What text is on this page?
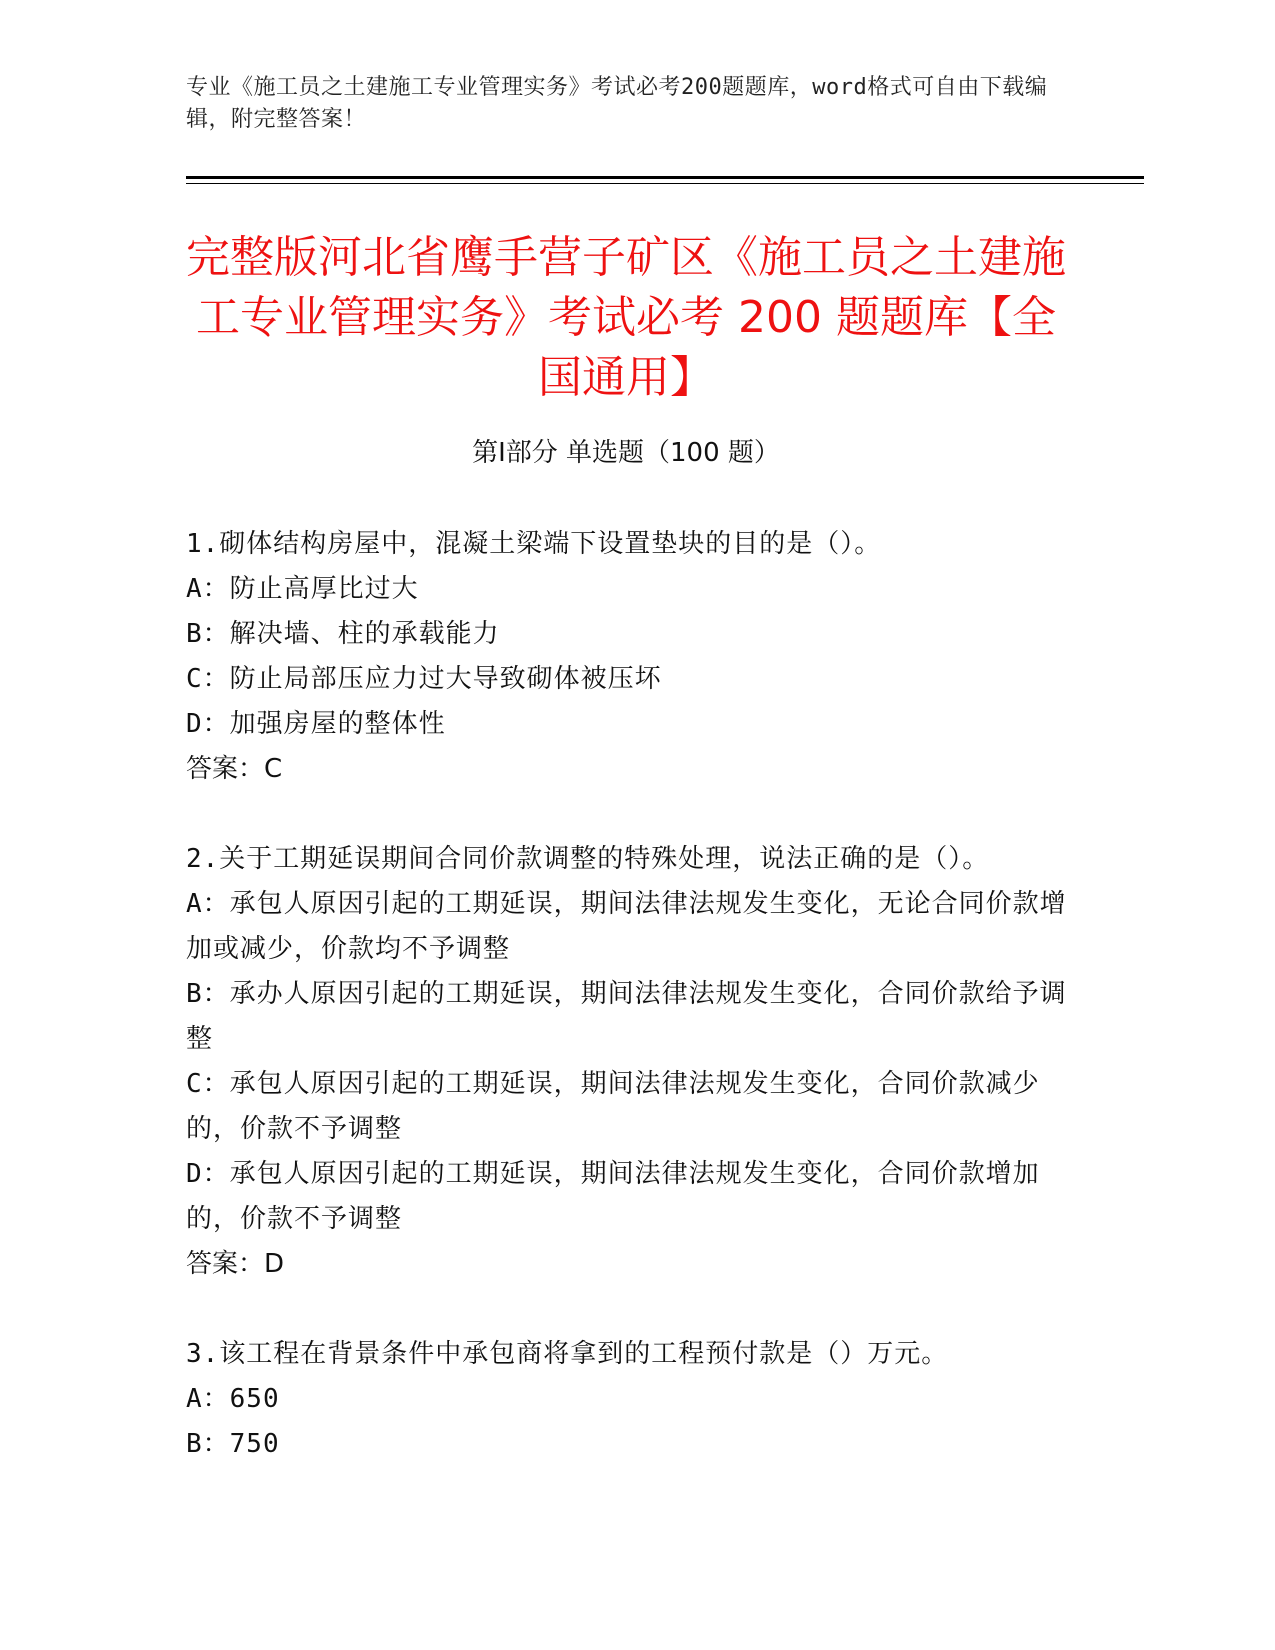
专业《施工员之土建施工专业管理实务》考试必考200题题库，word格式可自由下载编辑，附完整答案！
完整版河北省鹰手营子矿区《施工员之土建施工专业管理实务》考试必考 200 题题库【全国通用】
第Ⅰ部分 单选题（100 题）
1.砌体结构房屋中，混凝土梁端下设置垫块的目的是（）。
A：防止高厚比过大
B：解决墙、柱的承载能力
C：防止局部压应力过大导致砌体被压坏
D：加强房屋的整体性
答案：C
2.关于工期延误期间合同价款调整的特殊处理，说法正确的是（）。
A：承包人原因引起的工期延误，期间法律法规发生变化，无论合同价款增加或减少，价款均不予调整
B：承办人原因引起的工期延误，期间法律法规发生变化，合同价款给予调整
C：承包人原因引起的工期延误，期间法律法规发生变化，合同价款减少的，价款不予调整
D：承包人原因引起的工期延误，期间法律法规发生变化，合同价款增加的，价款不予调整
答案：D
3.该工程在背景条件中承包商将拿到的工程预付款是（）万元。
A：650
B：750
